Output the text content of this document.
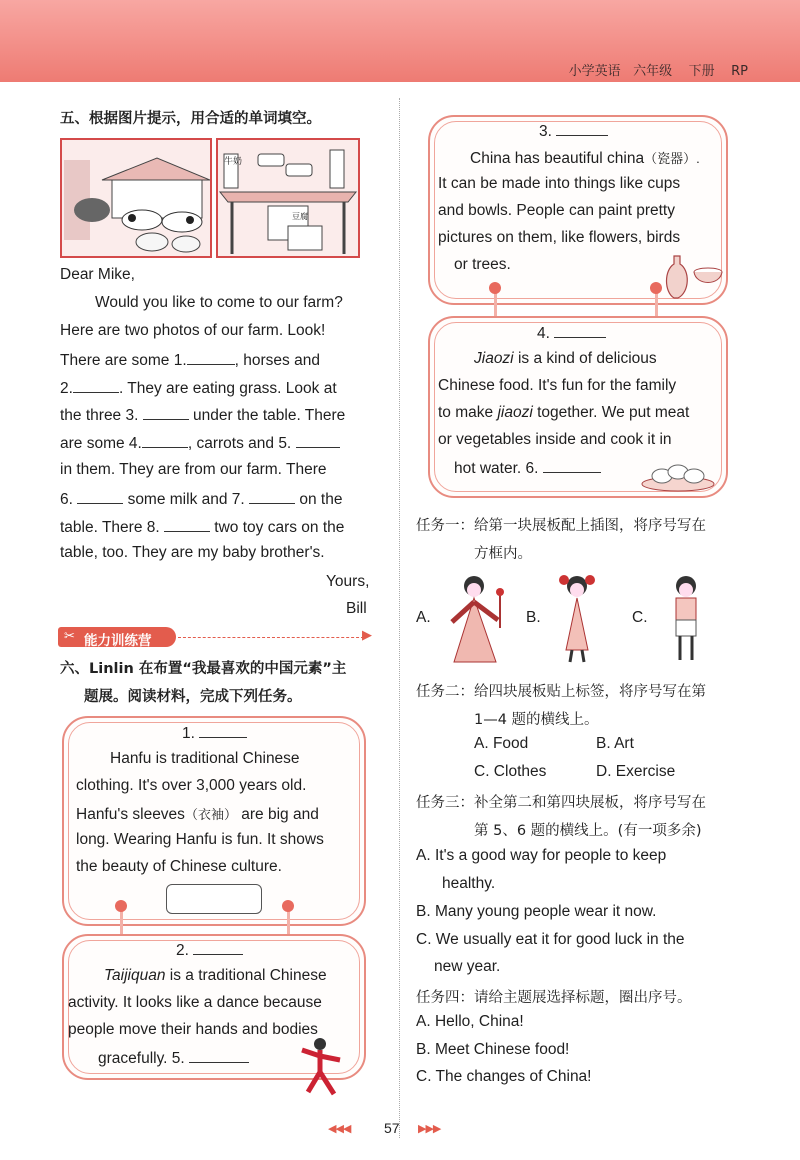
小学英语   六年级    下册    RP
五、根据图片提示，用合适的单词填空。
牛奶
豆腐
Dear Mike,
Would you like to come to our farm?
Here are two photos of our farm. Look!
There are some 1.	, horses and
2.	. They are eating grass. Look at
the three 3.	under the table. There
are some 4.	, carrots and 5.
in them. They are from our farm. There
6.	some milk and 7.	on the
table. There 8.	two toy cars on the
table, too. They are my baby brother's.
Yours,
Bill
✂ 能力训练营	▶
六、Linlin 在布置“我最喜欢的中国元素”主
题展。阅读材料，完成下列任务。
1.
Hanfu is traditional Chinese
clothing. It's over 3,000 years old.
Hanfu's sleeves（衣袖） are big and
long. Wearing Hanfu is fun. It shows
the beauty of Chinese culture.
2.
Taijiquan is a traditional Chinese
activity. It looks like a dance because
people move their hands and bodies
gracefully. 5.
3.
China has beautiful china（瓷器）.
It can be made into things like cups
and bowls. People can paint pretty
pictures on them, like flowers, birds
or trees.
4.
Jiaozi is a kind of delicious
Chinese food. It's fun for the family
to make jiaozi together. We put meat
or vegetables inside and cook it in
hot water. 6.
任务一：给第一块展板配上插图，将序号写在
方框内。
A.	B.	C.
任务二：给四块展板贴上标签，将序号写在第
1—4 题的横线上。
A. Food	B. Art
C. Clothes	D. Exercise
任务三：补全第二和第四块展板，将序号写在
第 5、6 题的横线上。(有一项多余)
A. It's a good way for people to keep
healthy.
B. Many young people wear it now.
C. We usually eat it for good luck in the
new year.
任务四：请给主题展选择标题，圈出序号。
A. Hello, China!
B. Meet Chinese food!
C. The changes of China!
◀◀◀ 57 ▶▶▶
